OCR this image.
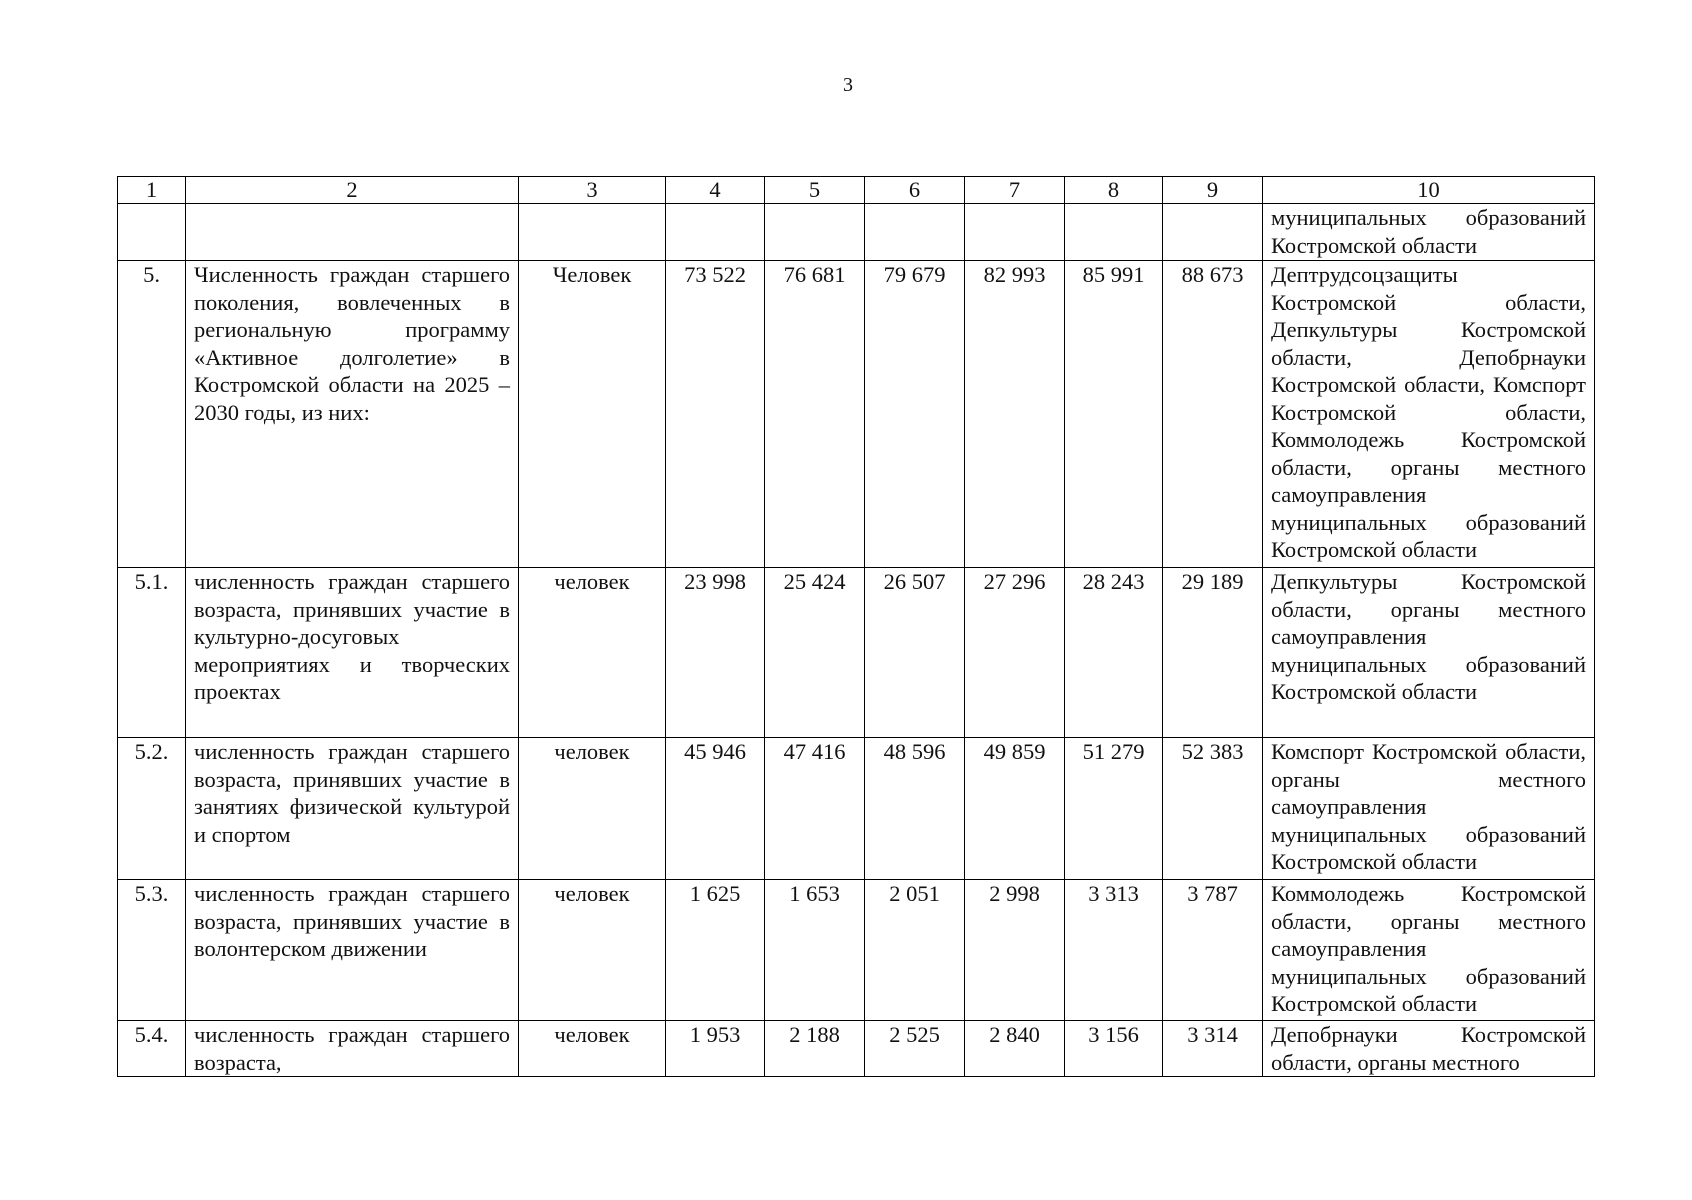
3
1	2	3	4	5	6	7	8	9	10
									муниципальных образований Костромской области
5.	Численность граждан старшего поколения, вовлеченных в региональную программу «Активное долголетие» в Костромской области на 2025 – 2030 годы, из них:	Человек	73 522	76 681	79 679	82 993	85 991	88 673	Дептрудсоцзащиты Костромской области, Депкультуры Костромской области, Депобрнауки Костромской области, Комспорт Костромской области, Коммолодежь Костромской области, органы местного самоуправления муниципальных образований Костромской области
5.1.	численность граждан старшего возраста, принявших участие в культурно-досуговых мероприятиях и творческих проектах	человек	23 998	25 424	26 507	27 296	28 243	29 189	Депкультуры Костромской области, органы местного самоуправления муниципальных образований Костромской области
5.2.	численность граждан старшего возраста, принявших участие в занятиях физической культурой и спортом	человек	45 946	47 416	48 596	49 859	51 279	52 383	Комспорт Костромской области, органы местного самоуправления муниципальных образований Костромской области
5.3.	численность граждан старшего возраста, принявших участие в волонтерском движении	человек	1 625	1 653	2 051	2 998	3 313	3 787	Коммолодежь Костромской области, органы местного самоуправления муниципальных образований Костромской области
5.4.	численность граждан старшего возраста,	человек	1 953	2 188	2 525	2 840	3 156	3 314	Депобрнауки Костромской области, органы местного
